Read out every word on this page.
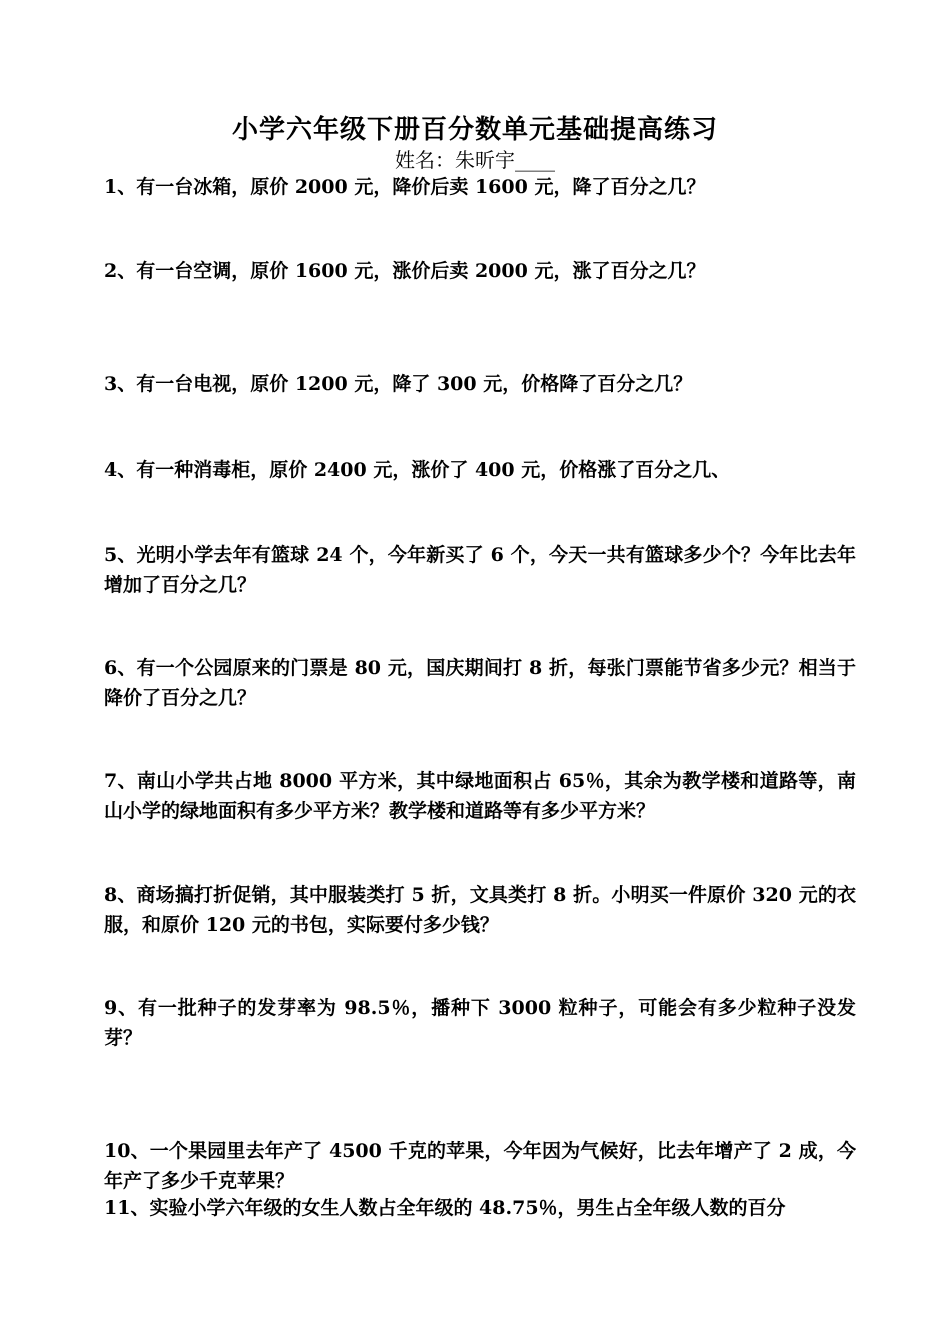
小学六年级下册百分数单元基础提高练习
姓名：朱昕宇____
1、有一台冰箱，原价 2000 元，降价后卖 1600 元，降了百分之几？
2、有一台空调，原价 1600 元，涨价后卖 2000 元，涨了百分之几？
3、有一台电视，原价 1200 元，降了 300 元，价格降了百分之几？
4、有一种消毒柜，原价 2400 元，涨价了 400 元，价格涨了百分之几、
5、光明小学去年有篮球 24 个，今年新买了 6 个，今天一共有篮球多少个？今年比去年增加了百分之几？
6、有一个公园原来的门票是 80 元，国庆期间打 8 折，每张门票能节省多少元？相当于降价了百分之几？
7、南山小学共占地 8000 平方米，其中绿地面积占 65％，其余为教学楼和道路等，南山小学的绿地面积有多少平方米？教学楼和道路等有多少平方米？
8、商场搞打折促销，其中服装类打 5 折，文具类打 8 折。小明买一件原价 320 元的衣服，和原价 120 元的书包，实际要付多少钱？
9、有一批种子的发芽率为 98.5％，播种下 3000 粒种子，可能会有多少粒种子没发芽？
10、一个果园里去年产了 4500 千克的苹果，今年因为气候好，比去年增产了 2 成，今年产了多少千克苹果？
11、实验小学六年级的女生人数占全年级的 48.75％，男生占全年级人数的百分
